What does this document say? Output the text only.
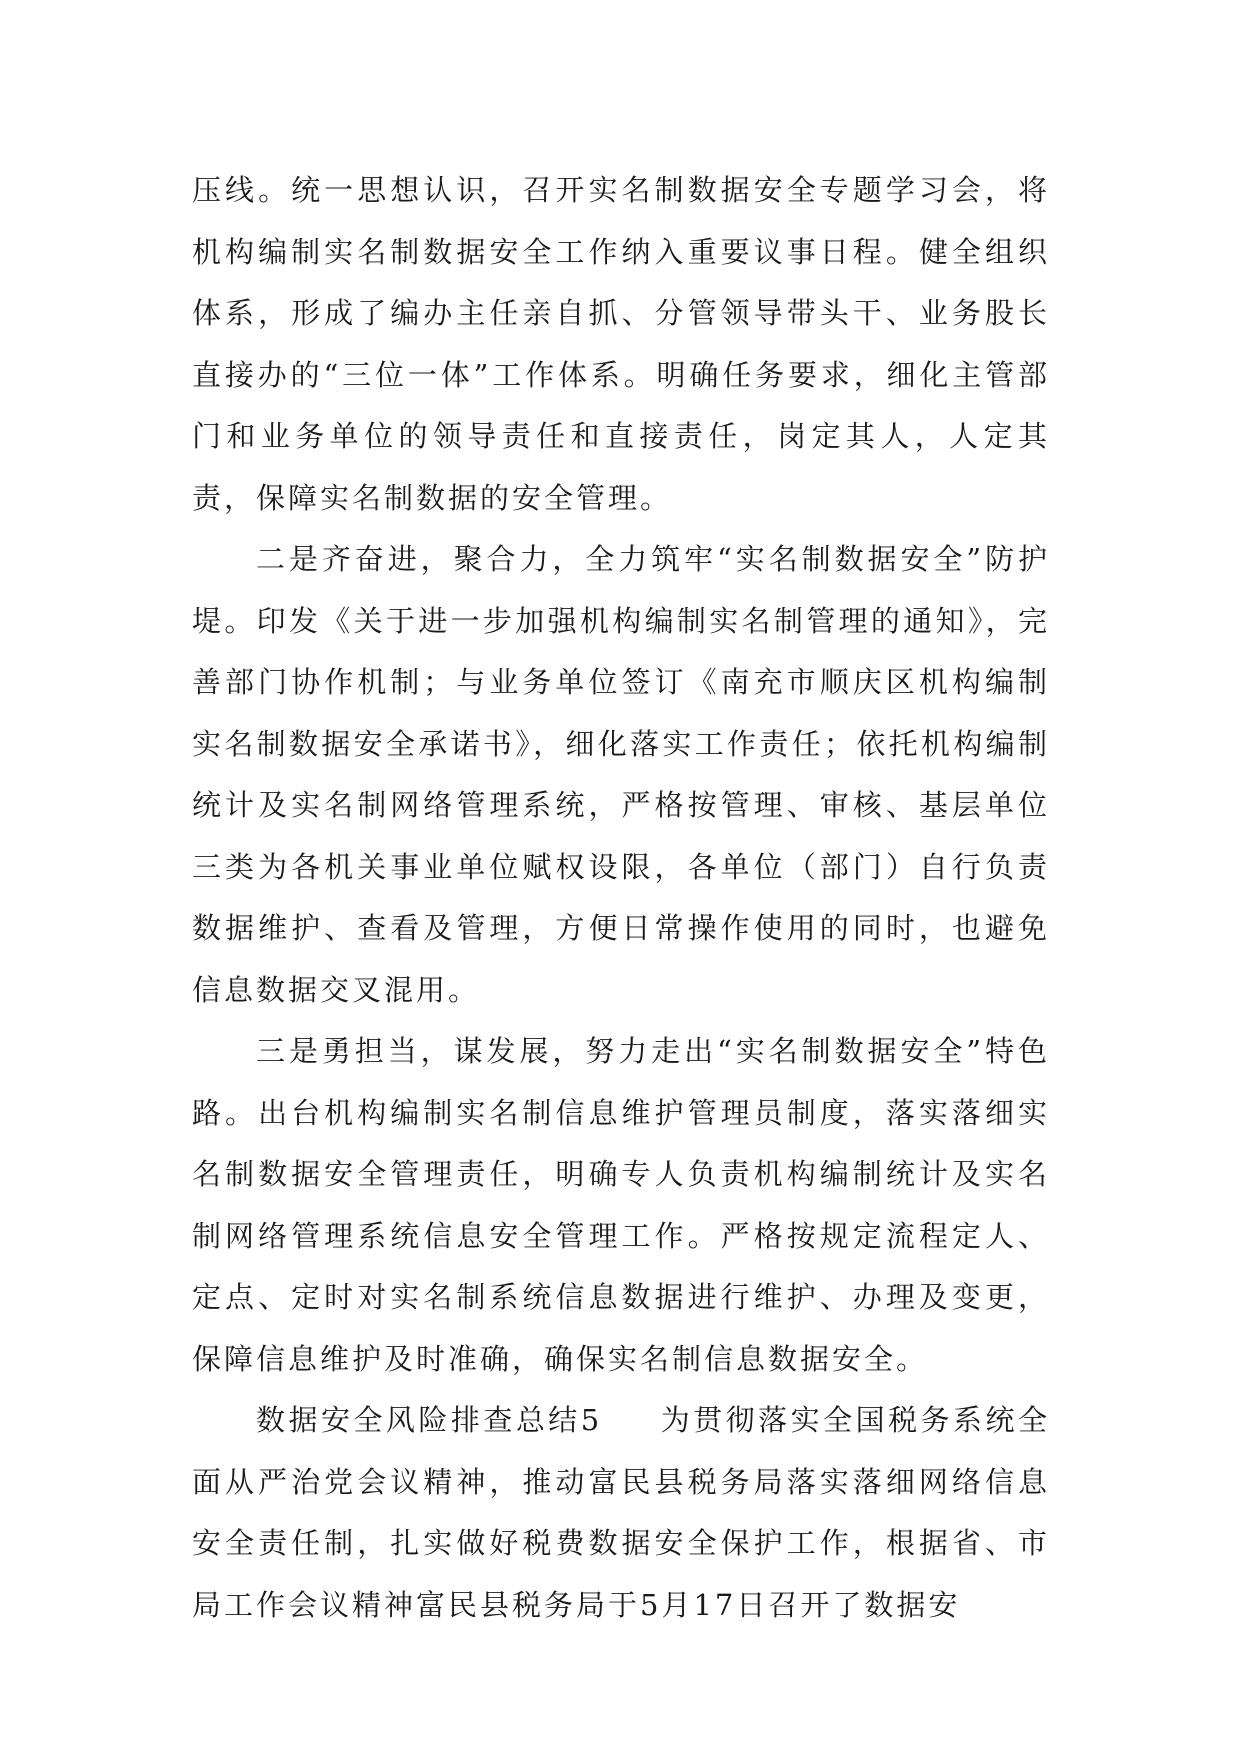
压线。统一思想认识，召开实名制数据安全专题学习会，将机构编制实名制数据安全工作纳入重要议事日程。健全组织体系，形成了编办主任亲自抓、分管领导带头干、业务股长直接办的“三位一体”工作体系。明确任务要求，细化主管部门和业务单位的领导责任和直接责任，岗定其人，人定其责，保障实名制数据的安全管理。

二是齐奋进，聚合力，全力筑牢“实名制数据安全”防护堤。印发《关于进一步加强机构编制实名制管理的通知》，完善部门协作机制；与业务单位签订《南充市顺庆区机构编制实名制数据安全承诺书》，细化落实工作责任；依托机构编制统计及实名制网络管理系统，严格按管理、审核、基层单位三类为各机关事业单位赋权设限，各单位（部门）自行负责数据维护、查看及管理，方便日常操作使用的同时，也避免信息数据交叉混用。

三是勇担当，谋发展，努力走出“实名制数据安全”特色路。出台机构编制实名制信息维护管理员制度，落实落细实名制数据安全管理责任，明确专人负责机构编制统计及实名制网络管理系统信息安全管理工作。严格按规定流程定人、定点、定时对实名制系统信息数据进行维护、办理及变更，保障信息维护及时准确，确保实名制信息数据安全。

数据安全风险排查总结5 为贯彻落实全国税务系统全面从严治党会议精神，推动富民县税务局落实落细网络信息安全责任制，扎实做好税费数据安全保护工作，根据省、市局工作会议精神富民县税务局于5月17日召开了数据安
